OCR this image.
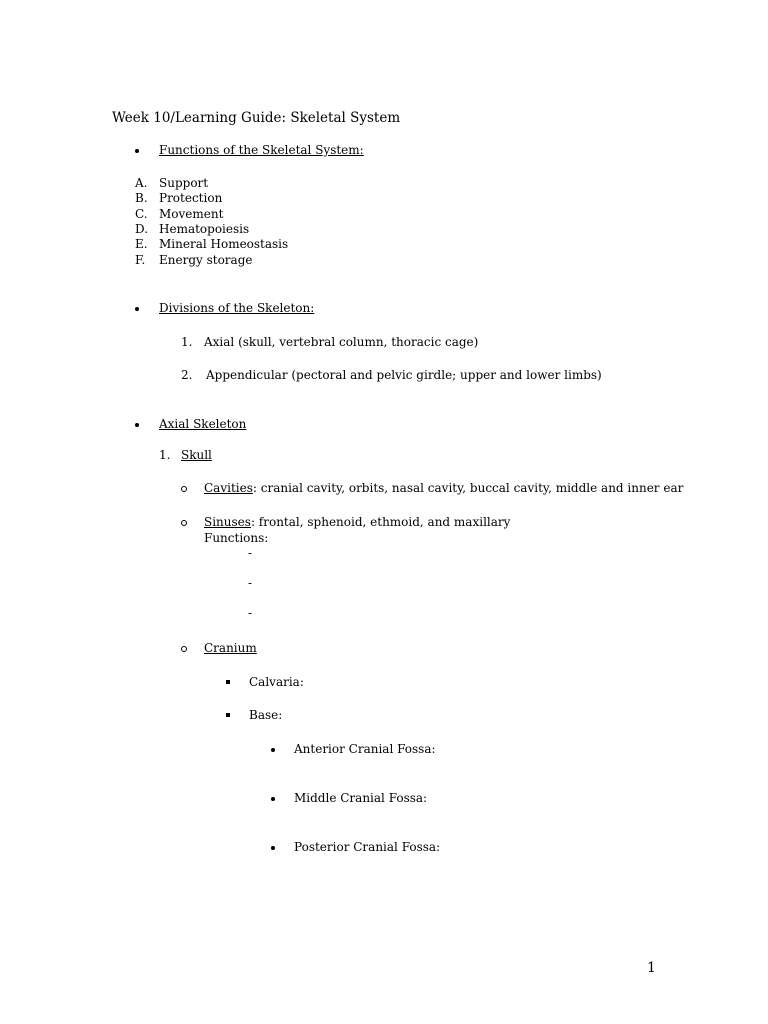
Week 10/Learning Guide: Skeletal System
Functions of the Skeletal System:
A. Support
B. Protection
C. Movement
D. Hematopoiesis
E. Mineral Homeostasis
F. Energy storage
Divisions of the Skeleton:
1. Axial (skull, vertebral column, thoracic cage)
2. Appendicular (pectoral and pelvic girdle; upper and lower limbs)
Axial Skeleton
1. Skull
Cavities: cranial cavity, orbits, nasal cavity, buccal cavity, middle and inner ear
Sinuses: frontal, sphenoid, ethmoid, and maxillary
Functions:
-
-
-
Cranium
Calvaria:
Base:
Anterior Cranial Fossa:
Middle Cranial Fossa:
Posterior Cranial Fossa:
1
